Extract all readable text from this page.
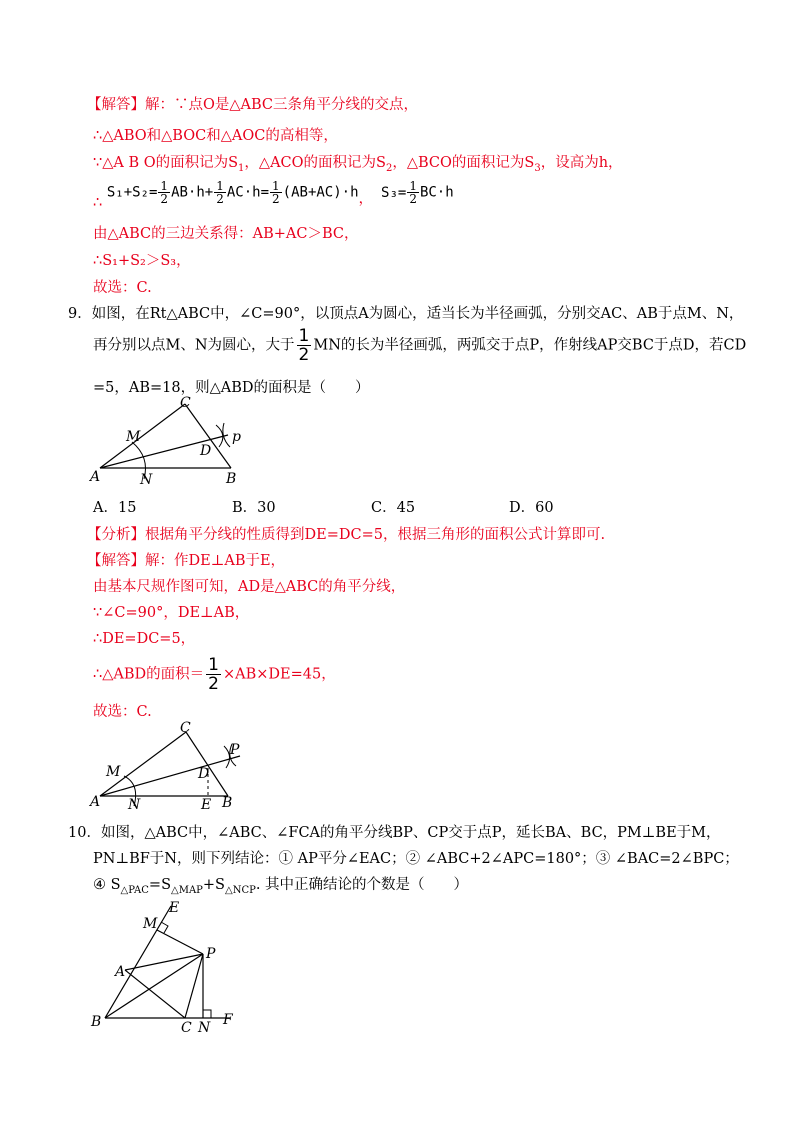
【解答】解：∵点O是△ABC三条角平分线的交点，
∴△ABO和△BOC和△AOC的高相等，
∵△A B O的面积记为$S_1$，△ACO的面积记为$S_2$，△BCO的面积记为$S_3$，设高为h，
∴ $S_1+S_2= \frac{1}{2} AB\cdot h+ \frac{1}{2} AC\cdot h= \frac{1}{2} (AB+AC)\cdot h$， $S_3= \frac{1}{2} BC\cdot h$
由△ABC的三边关系得：AB+AC＞BC，
∴S₁+S₂＞S₃，
故选：C.
9．如图，在Rt△ABC中，∠C=90°，以顶点A为圆心，适当长为半径画弧，分别交AC、AB于点M、N，
再分别以点M、N为圆心，大于 $\frac{1}{2}$ MN的长为半径画弧，两弧交于点P，作射线AP交BC于点D，若CD
=5，AB=18，则△ABD的面积是（　　）
C
M
D
p
A	N	B
A．15	B．30	C．45	D．60
【分析】根据角平分线的性质得到DE=DC=5，根据三角形的面积公式计算即可.
【解答】解：作DE⊥AB于E，
由基本尺规作图可知，AD是△ABC的角平分线，
∵∠C=90°，DE⊥AB，
∴DE=DC=5，
∴△ABD的面积＝ $\frac{1}{2} \times AB\times DE=45$，
故选：C.
C
P
M	D
A N	E B
10．如图，△ABC中，∠ABC、∠FCA的角平分线BP、CP交于点P，延长BA、BC，PM⊥BE于M，
PN⊥BF于N，则下列结论：① AP平分∠EAC；② ∠ABC+2∠APC=180°；③ ∠BAC=2∠BPC；
④ $S_{\triangle PAC}=S_{\triangle MAP}+S_{\triangle NCP}$. 其中正确结论的个数是（　　）
E
M
P
A
B	C N F
